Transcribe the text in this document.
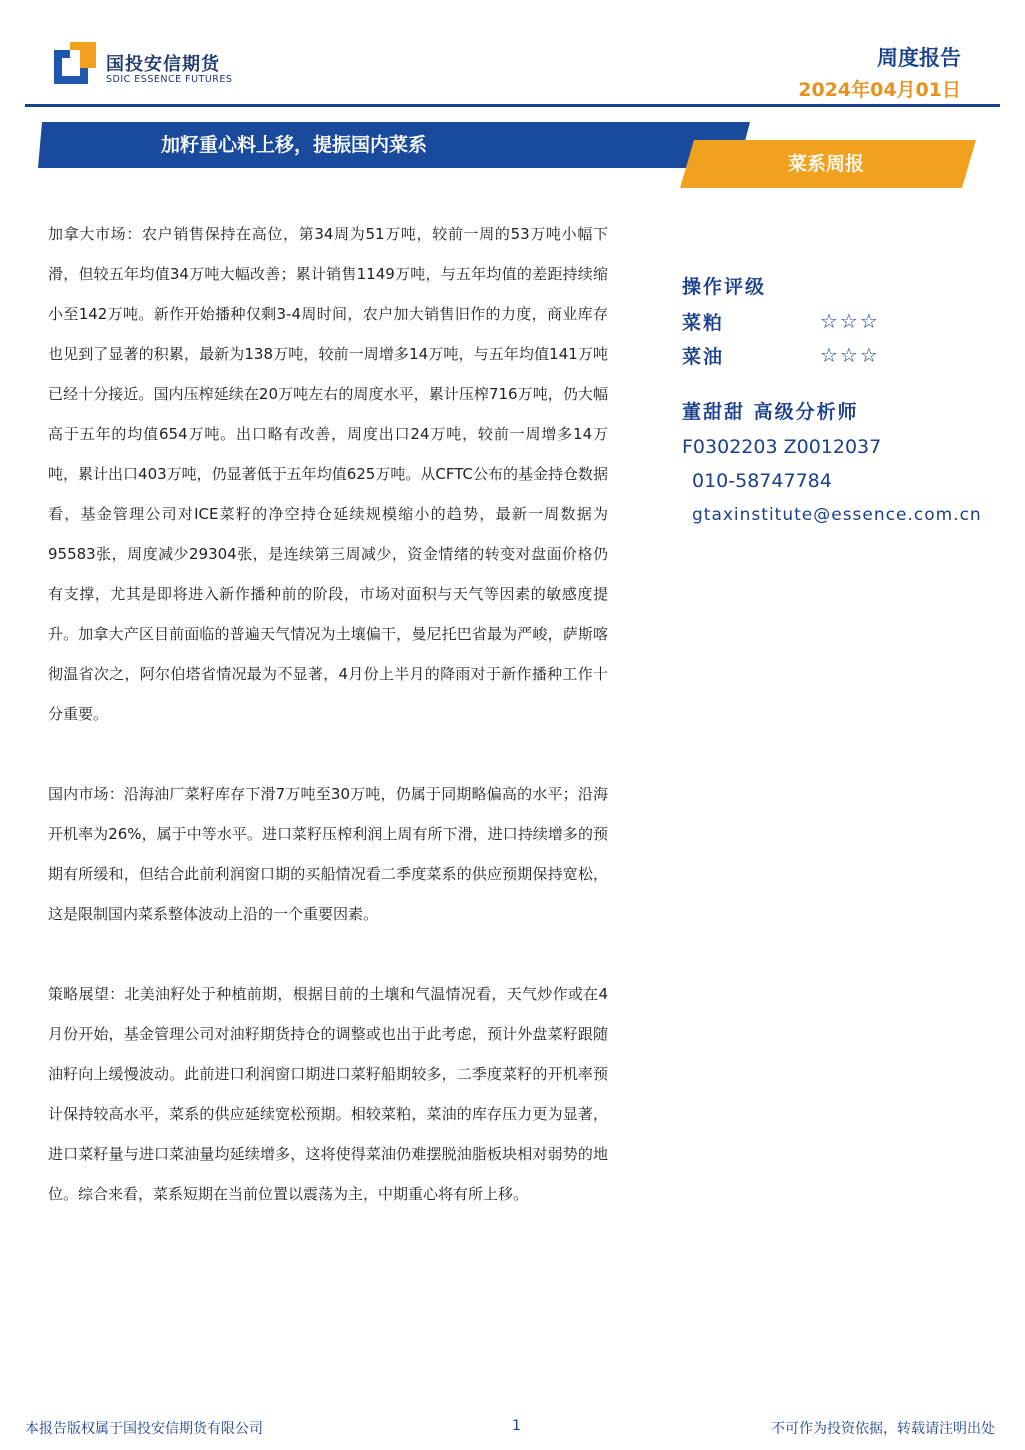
国投安信期货
SDIC ESSENCE FUTURES
周度报告
2024年04月01日
加籽重心料上移，提振国内菜系
菜系周报

加拿大市场：农户销售保持在高位，第34周为51万吨，较前一周的53万吨小幅下滑，但较五年均值34万吨大幅改善；累计销售1149万吨，与五年均值的差距持续缩小至142万吨。新作开始播种仅剩3-4周时间，农户加大销售旧作的力度，商业库存也见到了显著的积累，最新为138万吨，较前一周增多14万吨，与五年均值141万吨已经十分接近。国内压榨延续在20万吨左右的周度水平，累计压榨716万吨，仍大幅高于五年的均值654万吨。出口略有改善，周度出口24万吨，较前一周增多14万吨，累计出口403万吨，仍显著低于五年均值625万吨。从CFTC公布的基金持仓数据看，基金管理公司对ICE菜籽的净空持仓延续规模缩小的趋势，最新一周数据为95583张，周度减少29304张，是连续第三周减少，资金情绪的转变对盘面价格仍有支撑，尤其是即将进入新作播种前的阶段，市场对面积与天气等因素的敏感度提升。加拿大产区目前面临的普遍天气情况为土壤偏干，曼尼托巴省最为严峻，萨斯喀彻温省次之，阿尔伯塔省情况最为不显著，4月份上半月的降雨对于新作播种工作十分重要。

国内市场：沿海油厂菜籽库存下滑7万吨至30万吨，仍属于同期略偏高的水平；沿海开机率为26%，属于中等水平。进口菜籽压榨利润上周有所下滑，进口持续增多的预期有所缓和，但结合此前利润窗口期的买船情况看二季度菜系的供应预期保持宽松，这是限制国内菜系整体波动上沿的一个重要因素。

策略展望：北美油籽处于种植前期，根据目前的土壤和气温情况看，天气炒作或在4月份开始，基金管理公司对油籽期货持仓的调整或也出于此考虑，预计外盘菜籽跟随油籽向上缓慢波动。此前进口利润窗口期进口菜籽船期较多，二季度菜籽的开机率预计保持较高水平，菜系的供应延续宽松预期。相较菜粕，菜油的库存压力更为显著，进口菜籽量与进口菜油量均延续增多，这将使得菜油仍难摆脱油脂板块相对弱势的地位。综合来看，菜系短期在当前位置以震荡为主，中期重心将有所上移。

操作评级
菜粕	☆☆☆
菜油	☆☆☆
董甜甜 高级分析师
F0302203 Z0012037
010-58747784
gtaxinstitute@essence.com.cn
本报告版权属于国投安信期货有限公司	1	不可作为投资依据，转载请注明出处
